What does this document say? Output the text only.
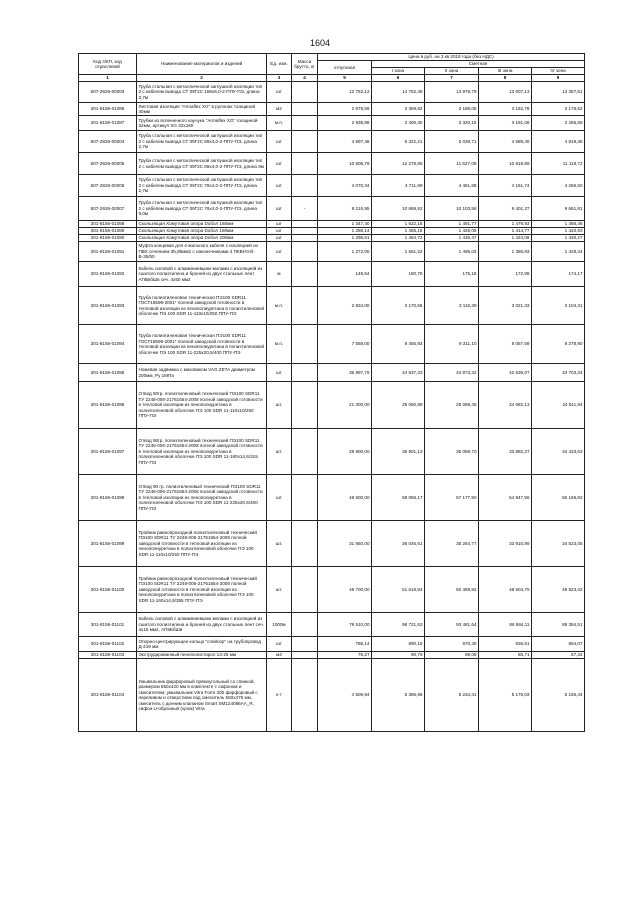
1604
Код ОКП, код отраслевой	Наименование материалов и изделий	Ед. изм.	Масса брутто, кг	Цена в руб. на 3 кв 2019 года (без НДС)				
				отпускная	Сметная			
					I зона	II зона	III зона	IV зона
1	2	3	4	5	6	7	8	9
507-2926-00003	Труба стальная с металлической заглушкой изоляции тип 2 с кабелем вывода СТ 09Г2С 159х6,0-2-ППУ-ПЭ, длина 3,7м	шт		12 752,12	14 762,38	13 978,79	13 007,13	13 367,61
301-8156-01086	Листовая изоляция "Armaflex XG" в рулонах толщиной 40мм	м2		2 878,56	3 369,82	3 188,05	3 162,76	3 176,52
301-8156-01087	Трубки из вспененного каучука "Armaflex XG" толщиной 32мм, артикул XG 32х160	м.п.		2 938,98	3 400,30	3 320,16	3 191,06	3 256,58
507-2926-00004	Труба стальная с металлической заглушкой изоляции тип 2 с кабелем вывода СТ 09Г2С 89х4,0-2-ППУ-ПЭ, длина 2,7м	шт		4 597,46	5 322,21	5 039,71	4 589,40	4 819,36
507-2926-00005	Труба стальная с металлической заглушкой изоляции тип 2 с кабелем вывода СТ 09Г2С 89х4,0-2-ППУ-ПЭ, длина 9м	шт		10 606,78	12 278,85	11 627,09	10 818,89	11 118,72
507-2926-00006	Труба стальная с металлической заглушкой изоляции тип 2 с кабелем вывода СТ 09Г2С 76х4,0-2-ППУ-ПЭ, длина 2,7м	шт		4 070,34	4 711,99	4 461,68	4 151,74	4 266,60
507-2926-00007	Труба стальная с металлической заглушкой изоляции тип 2 с кабелем вывода СТ 09Г2С 76х4,0-2-ППУ-ПЭ, длина 9,0м	шт	-	9 216,95	10 669,92	10 103,56	9 401,27	9 661,81
301-8156-01088	Скользящая Хомутовая опора Dобол 160мм	шт		1 347,40	1 622,16	1 491,77	1 479,93	1 486,36
301-8156-01089	Скользящая Хомутовая опора Dобол 180мм	шт		1 288,14	1 455,16	1 426,09	1 414,77	1 420,93
301-8156-01090	Скользящая Хомутовая опора Dобол 200мм	шт		1 296,61	1 464,72	1 435,47	1 424,08	1 430,27
301-8156-01091	Муфта концевая для 4-жильного кабеля с изоляцией из ПВХ сечением 35,95мм2 с наконечниками 4 ПКВНтпб-В-35/50	шт		1 272,00	1 561,22	1 495,03	1 386,83	1 428,34
301-8156-01092	Кабель силовой с алюминиевыми жилами с изоляцией из сшитого полиэтилена и броней из двух стальных лент АПвБбШв сеч. 4х50 мм2	м		148,64	180,75	175,18	172,99	174,17
301-8156-01093	Труба полиэтиленовая техническая ПЭ100 SDR11 ГОСТ18599-2001* полной заводской готовности в тепловой изоляции из пенополиуретана в полиэтиленовой оболочке ПЭ 100 SDR 11-110х10/250 ППУ-ПЭ	м.п.		2 834,00	3 170,66	3 116,39	3 021,33	3 104,31
301-8156-01094	Труба полиэтиленовая техническая ПЭ100 SDR11 ГОСТ18599-2001* полной заводской готовности в тепловой изоляции из пенополиуретана в полиэтиленовой оболочке ПЭ 100 SDR 11-225х20,5/400 ППУ-ПЭ	м.п.		7 558,00	8 455,93	8 311,10	8 057,59	8 278,90
301-8156-01095	Ножевая задвижка с маховиком VAG ZETA диаметром 200мм, Ру 1МПа	шт		36 897,76	44 637,33	43 873,32	42 535,07	43 703,34
301-8156-01096	Отвод 60гр. полиэтиленовый технический ПЭ100 SDR11 ТУ 2248-006-21761654-2008 полной заводской готовности в тепловой изоляции из пенополиуретана в полиэтиленовой оболочке ПЭ 100 SDR 11-110х10/250 ППУ-ПЭ	шт.		21 300,00	25 060,88	25 059,45	24 082,13	24 611,94
301-8156-01097	Отвод 90гр. полиэтиленовый технический ПЭ100 SDR11 ТУ 2248-006-21761654-2008 полной заводской готовности в тепловой изоляции из пенополиуретана в полиэтиленовой оболочке ПЭ 100 SDR 11-160х14,6/315 ППУ-ПЭ	шт.		29 900,00	35 901,13	35 059,70	33 892,37	34 433,63
301-8156-01098	Отвод 90 гр. полиэтиленовый технический ПЭ100 SDR11 ТУ 2248-006-21761654-2008 полной заводской готовности в тепловой изоляции из пенополиуретана в полиэтиленовой оболочке ПЭ 100 SDR 11-225х20,5/400 ППУ-ПЭ	шт		48 600,00	58 056,17	57 177,90	54 947,96	56 166,82
301-8156-01099	Тройник равнопроходной полиэтиленовый технический ПЭ100 SDR11 ТУ 2248-006-21761654-2008 полной заводской готовности в тепловой изоляции из пенополиуретана в полиэтиленовой оболочке ПЭ 100 SDR 11-110х10/250 ППУ-ПЭ	шт.		31 950,00	36 046,61	35 264,77	33 910,89	34 523,05
301-8156-01100	Тройник равнопроходной полиэтиленовый технический ПЭ100 SDR11 ТУ 2248-006-21761654-2008 полной заводской готовности в тепловой изоляции из пенополиуретана в полиэтиленовой оболочке ПЭ 100 SDR 11-160х14,6/355 ППУ-ПЭ	шт.		45 700,00	51 618,84	50 469,92	48 504,75	49 523,42
301-8156-01101	Кабель силовой с алюминиевыми жилами с изоляцией из сшитого полиэтилена и броней из двух стальных лент сеч. 4х16 мм2, АПвБбШв	1000м		79 510,00	98 721,53	93 481,64	86 984,11	89 394,51
301-8156-01102	Опорно-центрирующее кольцо "спейсер" на трубопровод Д-219 мм	шт		788,14	890,18	870,40	836,51	854,07
301-8156-01103	Экструдированный пенополистирол 13-25 мм	м3		76,27	90,79	89,08	85,71	87,42
301-8156-01104	Умывальник фарфоровый прямоугольный со спинкой, размером 550х420 мм в комплекте с сифоном и смесителем; умывальник Vitra Form 300 фарфоровый с переливом и отверстием под смеситель 550х475 мм, смеситель с донним клапаном Smart SM124086AA_R, сифон U-образный (хром) Vitra	к-т		4 509,94	5 386,96	5 234,41	5 175,03	5 186,44
